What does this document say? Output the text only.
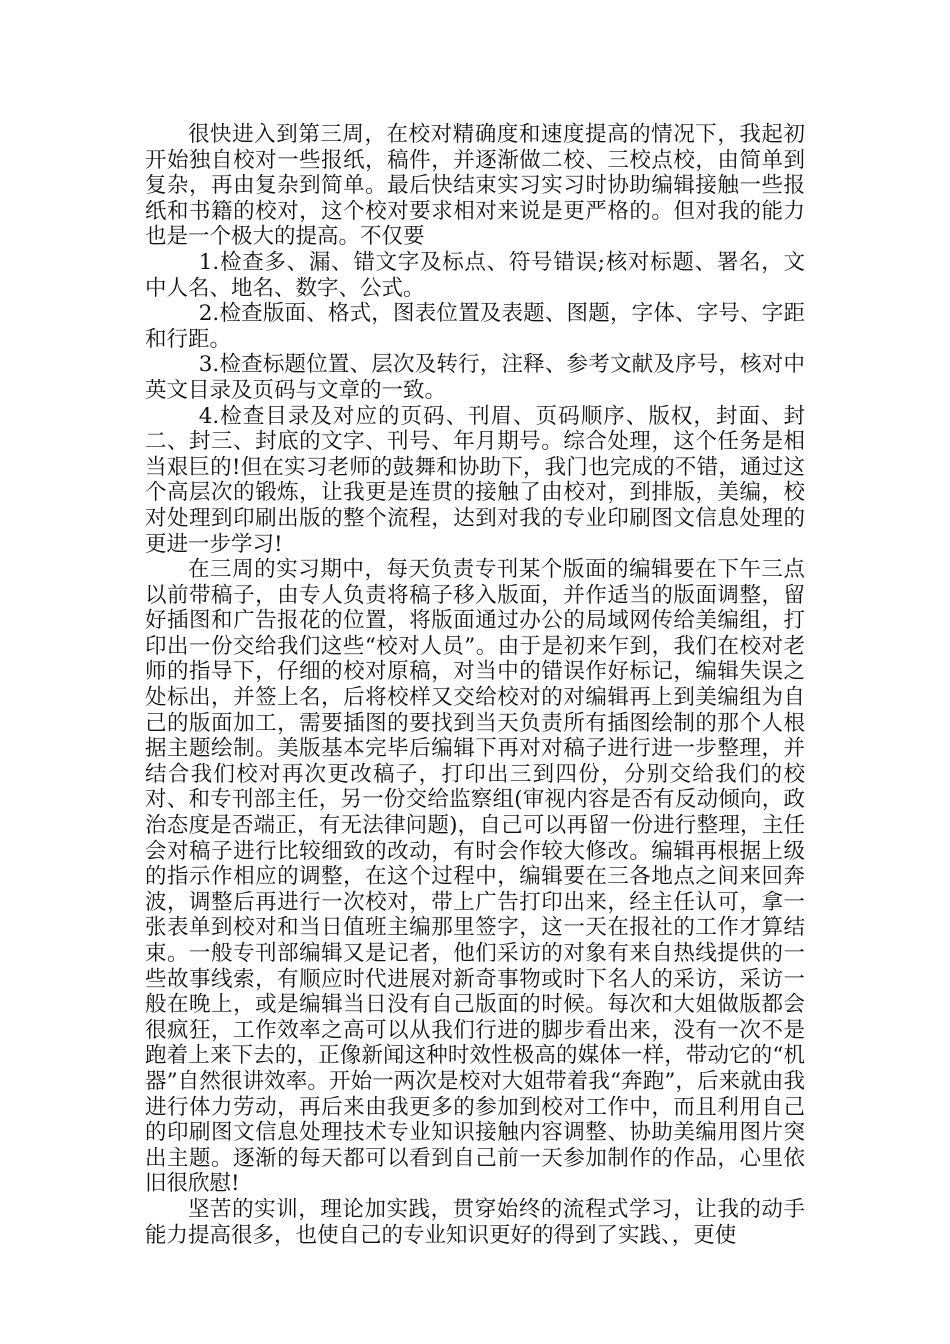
很快进入到第三周，在校对精确度和速度提高的情况下，我起初开始独自校对一些报纸，稿件，并逐渐做二校、三校点校，由简单到复杂，再由复杂到简单。最后快结束实习实习时协助编辑接触一些报纸和书籍的校对，这个校对要求相对来说是更严格的。但对我的能力也是一个极大的提高。不仅要

1.检查多、漏、错文字及标点、符号错误;核对标题、署名，文中人名、地名、数字、公式。

2.检查版面、格式，图表位置及表题、图题，字体、字号、字距和行距。

3.检查标题位置、层次及转行，注释、参考文献及序号，核对中英文目录及页码与文章的一致。

4.检查目录及对应的页码、刊眉、页码顺序、版权，封面、封二、封三、封底的文字、刊号、年月期号。综合处理，这个任务是相当艰巨的!但在实习老师的鼓舞和协助下，我门也完成的不错，通过这个高层次的锻炼，让我更是连贯的接触了由校对，到排版，美编，校对处理到印刷出版的整个流程，达到对我的专业印刷图文信息处理的更进一步学习!

在三周的实习期中，每天负责专刊某个版面的编辑要在下午三点以前带稿子，由专人负责将稿子移入版面，并作适当的版面调整，留好插图和广告报花的位置，将版面通过办公的局域网传给美编组，打印出一份交给我们这些“校对人员”。由于是初来乍到，我们在校对老师的指导下，仔细的校对原稿，对当中的错误作好标记，编辑失误之处标出，并签上名，后将校样又交给校对的对编辑再上到美编组为自己的版面加工，需要插图的要找到当天负责所有插图绘制的那个人根据主题绘制。美版基本完毕后编辑下再对对稿子进行进一步整理，并结合我们校对再次更改稿子，打印出三到四份，分别交给我们的校对、和专刊部主任，另一份交给监察组(审视内容是否有反动倾向，政治态度是否端正，有无法律问题)，自己可以再留一份进行整理，主任会对稿子进行比较细致的改动，有时会作较大修改。编辑再根据上级的指示作相应的调整，在这个过程中，编辑要在三各地点之间来回奔波，调整后再进行一次校对，带上广告打印出来，经主任认可，拿一张表单到校对和当日值班主编那里签字，这一天在报社的工作才算结束。一般专刊部编辑又是记者，他们采访的对象有来自热线提供的一些故事线索，有顺应时代进展对新奇事物或时下名人的采访，采访一般在晚上，或是编辑当日没有自己版面的时候。每次和大姐做版都会很疯狂，工作效率之高可以从我们行进的脚步看出来，没有一次不是跑着上来下去的，正像新闻这种时效性极高的媒体一样，带动它的“机器”自然很讲效率。开始一两次是校对大姐带着我“奔跑”，后来就由我进行体力劳动，再后来由我更多的参加到校对工作中，而且利用自己的印刷图文信息处理技术专业知识接触内容调整、协助美编用图片突出主题。逐渐的每天都可以看到自己前一天参加制作的作品，心里依旧很欣慰!

坚苦的实训，理论加实践，贯穿始终的流程式学习，让我的动手能力提高很多，也使自己的专业知识更好的得到了实践、，更使
